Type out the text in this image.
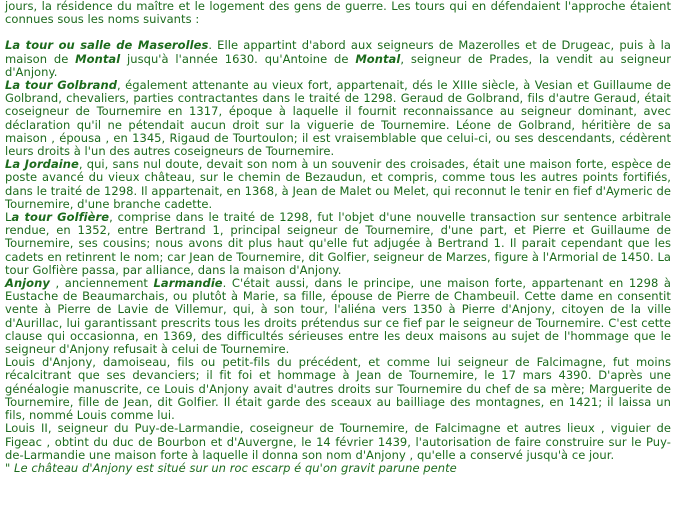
jours, la résidence du maître et le logement des gens de guerre. Les tours qui en défendaient l'approche étaient connues sous les noms suivants :

La tour ou salle de Maserolles. Elle appartint d'abord aux seigneurs de Mazerolles et de Drugeac, puis à la maison de Montal jusqu'à l'année 1630. qu'Antoine de Montal, seigneur de Prades, la vendit au seigneur d'Anjony.

La tour Golbrand, également attenante au vieux fort, appartenait, dés le XIIIe siècle, à Vesian et Guillaume de Golbrand, chevaliers, parties contractantes dans le traité de 1298. Geraud de Golbrand, fils d'autre Geraud, était coseigneur de Tournemire en 1317, époque à laquelle il fournit reconnaissance au seigneur dominant, avec déclaration qu'il ne pétendait aucun droit sur la viguerie de Tournemire. Léone de Golbrand, héritière de sa maison , épousa , en 1345, Rigaud de Tourtoulon; il est vraisemblable que celui-ci, ou ses descendants, cédèrent leurs droits à l'un des autres coseigneurs de Tournemire.

La Jordaine, qui, sans nul doute, devait son nom à un souvenir des croisades, était une maison forte, espèce de poste avancé du vieux château, sur le chemin de Bezaudun, et compris, comme tous les autres points fortifiés, dans le traité de 1298. Il appartenait, en 1368, à Jean de Malet ou Melet, qui reconnut le tenir en fief d'Aymeric de Tournemire, d'une branche cadette.

La tour Golfière, comprise dans le traité de 1298, fut l'objet d'une nouvelle transaction sur sentence arbitrale rendue, en 1352, entre Bertrand 1, principal seigneur de Tournemire, d'une part, et Pierre et Guillaume de Tournemire, ses cousins; nous avons dit plus haut qu'elle fut adjugée à Bertrand 1. Il parait cependant que les cadets en retinrent le nom; car Jean de Tournemire, dit Golfier, seigneur de Marzes, figure à l'Armorial de 1450. La tour Golfière passa, par alliance, dans la maison d'Anjony.

Anjony , anciennement Larmandie. C'était aussi, dans le principe, une maison forte, appartenant en 1298 à Eustache de Beaumarchais, ou plutôt à Marie, sa fille, épouse de Pierre de Chambeuil. Cette dame en consentit vente à Pierre de Lavie de Villemur, qui, à son tour, l'aliéna vers 1350 à Pierre d'Anjony, citoyen de la ville d'Aurillac, lui garantissant prescrits tous les droits prétendus sur ce fief par le seigneur de Tournemire. C'est cette clause qui occasionna, en 1369, des difficultés sérieuses entre les deux maisons au sujet de l'hommage que le seigneur d'Anjony refusait à celui de Tournemire.

Louis d'Anjony, damoiseau, fils ou petit-fils du précédent, et comme lui seigneur de Falcimagne, fut moins récalcitrant que ses devanciers; il fit foi et hommage à Jean de Tournemire, le 17 mars 4390. D'après une généalogie manuscrite, ce Louis d'Anjony avait d'autres droits sur Tournemire du chef de sa mère; Marguerite de Tournemire, fille de Jean, dit Golfier. Il était garde des sceaux au bailliage des montagnes, en 1421; il laissa un fils, nommé Louis comme lui.

Louis II, seigneur du Puy-de-Larmandie, coseigneur de Tournemire, de Falcimagne et autres lieux , viguier de Figeac , obtint du duc de Bourbon et d'Auvergne, le 14 février 1439, l'autorisation de faire construire sur le Puy-de-Larmandie une maison forte à laquelle il donna son nom d'Anjony , qu'elle a conservé jusqu'à ce jour.

" Le château d'Anjony est situé sur un roc escarp é qu'on gravit parune pente
